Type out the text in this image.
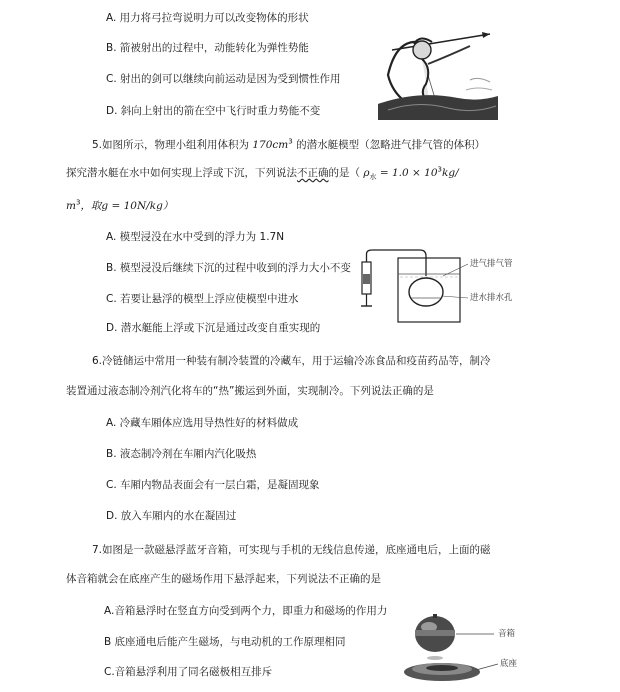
A. 用力将弓拉弯说明力可以改变物体的形状
B. 箭被射出的过程中，动能转化为弹性势能
C. 射出的剑可以继续向前运动是因为受到惯性作用
D. 斜向上射出的箭在空中飞行时重力势能不变
5.如图所示，物理小组利用体积为 $170cm^3$ 的潜水艇模型（忽略进气排气管的体积）
探究潜水艇在水中如何实现上浮或下沉，下列说法不正确的是（ $\rho_水 = 1.0 \times 10^3kg/$
$m^3$，取g = 10N/kg）
A. 模型浸没在水中受到的浮力为 1.7N
B. 模型浸没后继续下沉的过程中收到的浮力大小不变
C. 若要让悬浮的模型上浮应使模型中进水
D. 潜水艇能上浮或下沉是通过改变自重实现的
进气排气管
进水排水孔
6.冷链储运中常用一种装有制冷装置的冷藏车，用于运输冷冻食品和疫苗药品等，制冷
装置通过液态制冷剂汽化将车的“热”搬运到外面，实现制冷。下列说法正确的是
A. 冷藏车厢体应选用导热性好的材料做成
B. 液态制冷剂在车厢内汽化吸热
C. 车厢内物品表面会有一层白霜，是凝固现象
D. 放入车厢内的水在凝固过
7.如图是一款磁悬浮蓝牙音箱，可实现与手机的无线信息传递，底座通电后，上面的磁
体音箱就会在底座产生的磁场作用下悬浮起来，下列说法不正确的是
A.音箱悬浮时在竖直方向受到两个力，即重力和磁场的作用力
B 底座通电后能产生磁场，与电动机的工作原理相同
C.音箱悬浮利用了同名磁极相互排斥
音箱
底座
